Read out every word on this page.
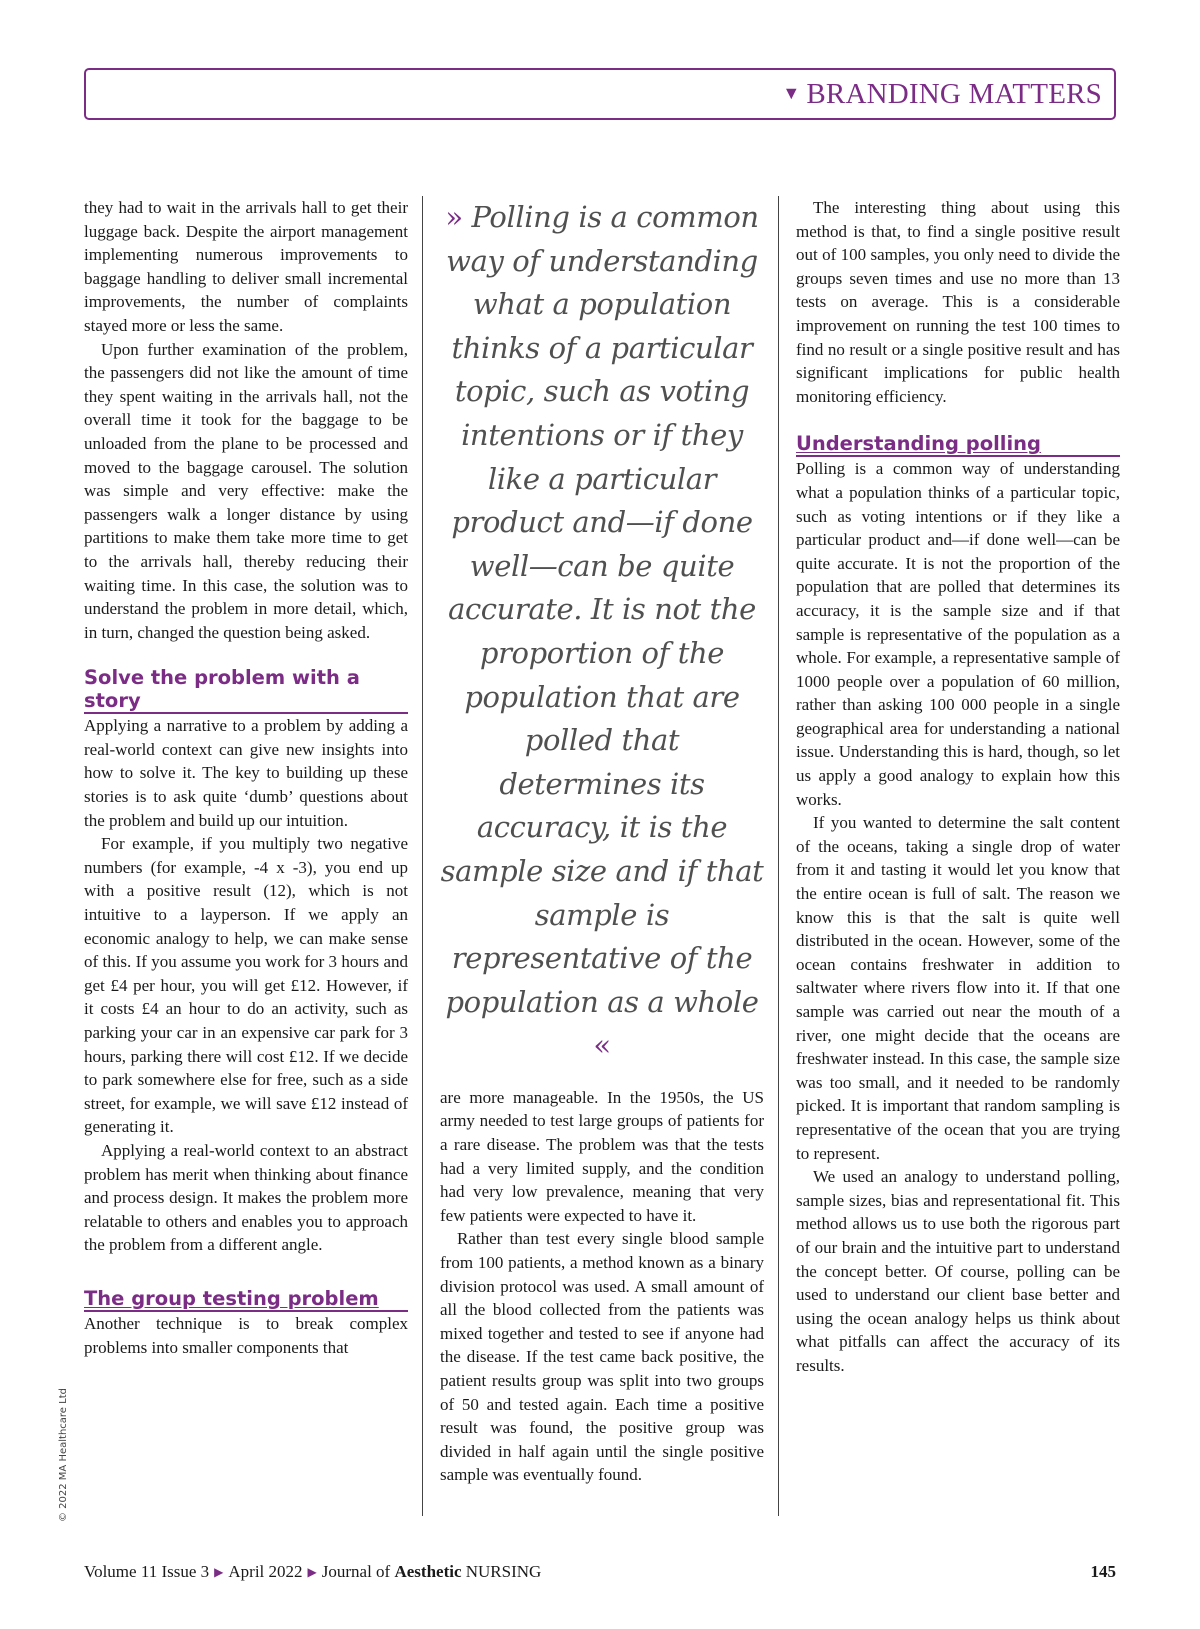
▼ BRANDING MATTERS

they had to wait in the arrivals hall to get their luggage back. Despite the airport management implementing numerous improvements to baggage handling to deliver small incremental improvements, the number of complaints stayed more or less the same.

Upon further examination of the problem, the passengers did not like the amount of time they spent waiting in the arrivals hall, not the overall time it took for the baggage to be unloaded from the plane to be processed and moved to the baggage carousel. The solution was simple and very effective: make the passengers walk a longer distance by using partitions to make them take more time to get to the arrivals hall, thereby reducing their waiting time. In this case, the solution was to understand the problem in more detail, which, in turn, changed the question being asked.

Solve the problem with a story

Applying a narrative to a problem by adding a real-world context can give new insights into how to solve it. The key to building up these stories is to ask quite ‘dumb’ questions about the problem and build up our intuition.

For example, if you multiply two negative numbers (for example, -4 x -3), you end up with a positive result (12), which is not intuitive to a layperson. If we apply an economic analogy to help, we can make sense of this. If you assume you work for 3 hours and get £4 per hour, you will get £12. However, if it costs £4 an hour to do an activity, such as parking your car in an expensive car park for 3 hours, parking there will cost £12. If we decide to park somewhere else for free, such as a side street, for example, we will save £12 instead of generating it.

Applying a real-world context to an abstract problem has merit when thinking about finance and process design. It makes the problem more relatable to others and enables you to approach the problem from a different angle.

The group testing problem

Another technique is to break complex problems into smaller components that

» Polling is a common way of understanding what a population thinks of a particular topic, such as voting intentions or if they like a particular product and—if done well—can be quite accurate. It is not the proportion of the population that are polled that determines its accuracy, it is the sample size and if that sample is representative of the population as a whole «

are more manageable. In the 1950s, the US army needed to test large groups of patients for a rare disease. The problem was that the tests had a very limited supply, and the condition had very low prevalence, meaning that very few patients were expected to have it.

Rather than test every single blood sample from 100 patients, a method known as a binary division protocol was used. A small amount of all the blood collected from the patients was mixed together and tested to see if anyone had the disease. If the test came back positive, the patient results group was split into two groups of 50 and tested again. Each time a positive result was found, the positive group was divided in half again until the single positive sample was eventually found.

The interesting thing about using this method is that, to find a single positive result out of 100 samples, you only need to divide the groups seven times and use no more than 13 tests on average. This is a considerable improvement on running the test 100 times to find no result or a single positive result and has significant implications for public health monitoring efficiency.

Understanding polling

Polling is a common way of understanding what a population thinks of a particular topic, such as voting intentions or if they like a particular product and—if done well—can be quite accurate. It is not the proportion of the population that are polled that determines its accuracy, it is the sample size and if that sample is representative of the population as a whole. For example, a representative sample of 1000 people over a population of 60 million, rather than asking 100 000 people in a single geographical area for understanding a national issue. Understanding this is hard, though, so let us apply a good analogy to explain how this works.

If you wanted to determine the salt content of the oceans, taking a single drop of water from it and tasting it would let you know that the entire ocean is full of salt. The reason we know this is that the salt is quite well distributed in the ocean. However, some of the ocean contains freshwater in addition to saltwater where rivers flow into it. If that one sample was carried out near the mouth of a river, one might decide that the oceans are freshwater instead. In this case, the sample size was too small, and it needed to be randomly picked. It is important that random sampling is representative of the ocean that you are trying to represent.

We used an analogy to understand polling, sample sizes, bias and representational fit. This method allows us to use both the rigorous part of our brain and the intuitive part to understand the concept better. Of course, polling can be used to understand our client base better and using the ocean analogy helps us think about what pitfalls can affect the accuracy of its results.

© 2022 MA Healthcare Ltd
Volume 11 Issue 3 ▶ April 2022 ▶ Journal of Aesthetic NURSING	145
